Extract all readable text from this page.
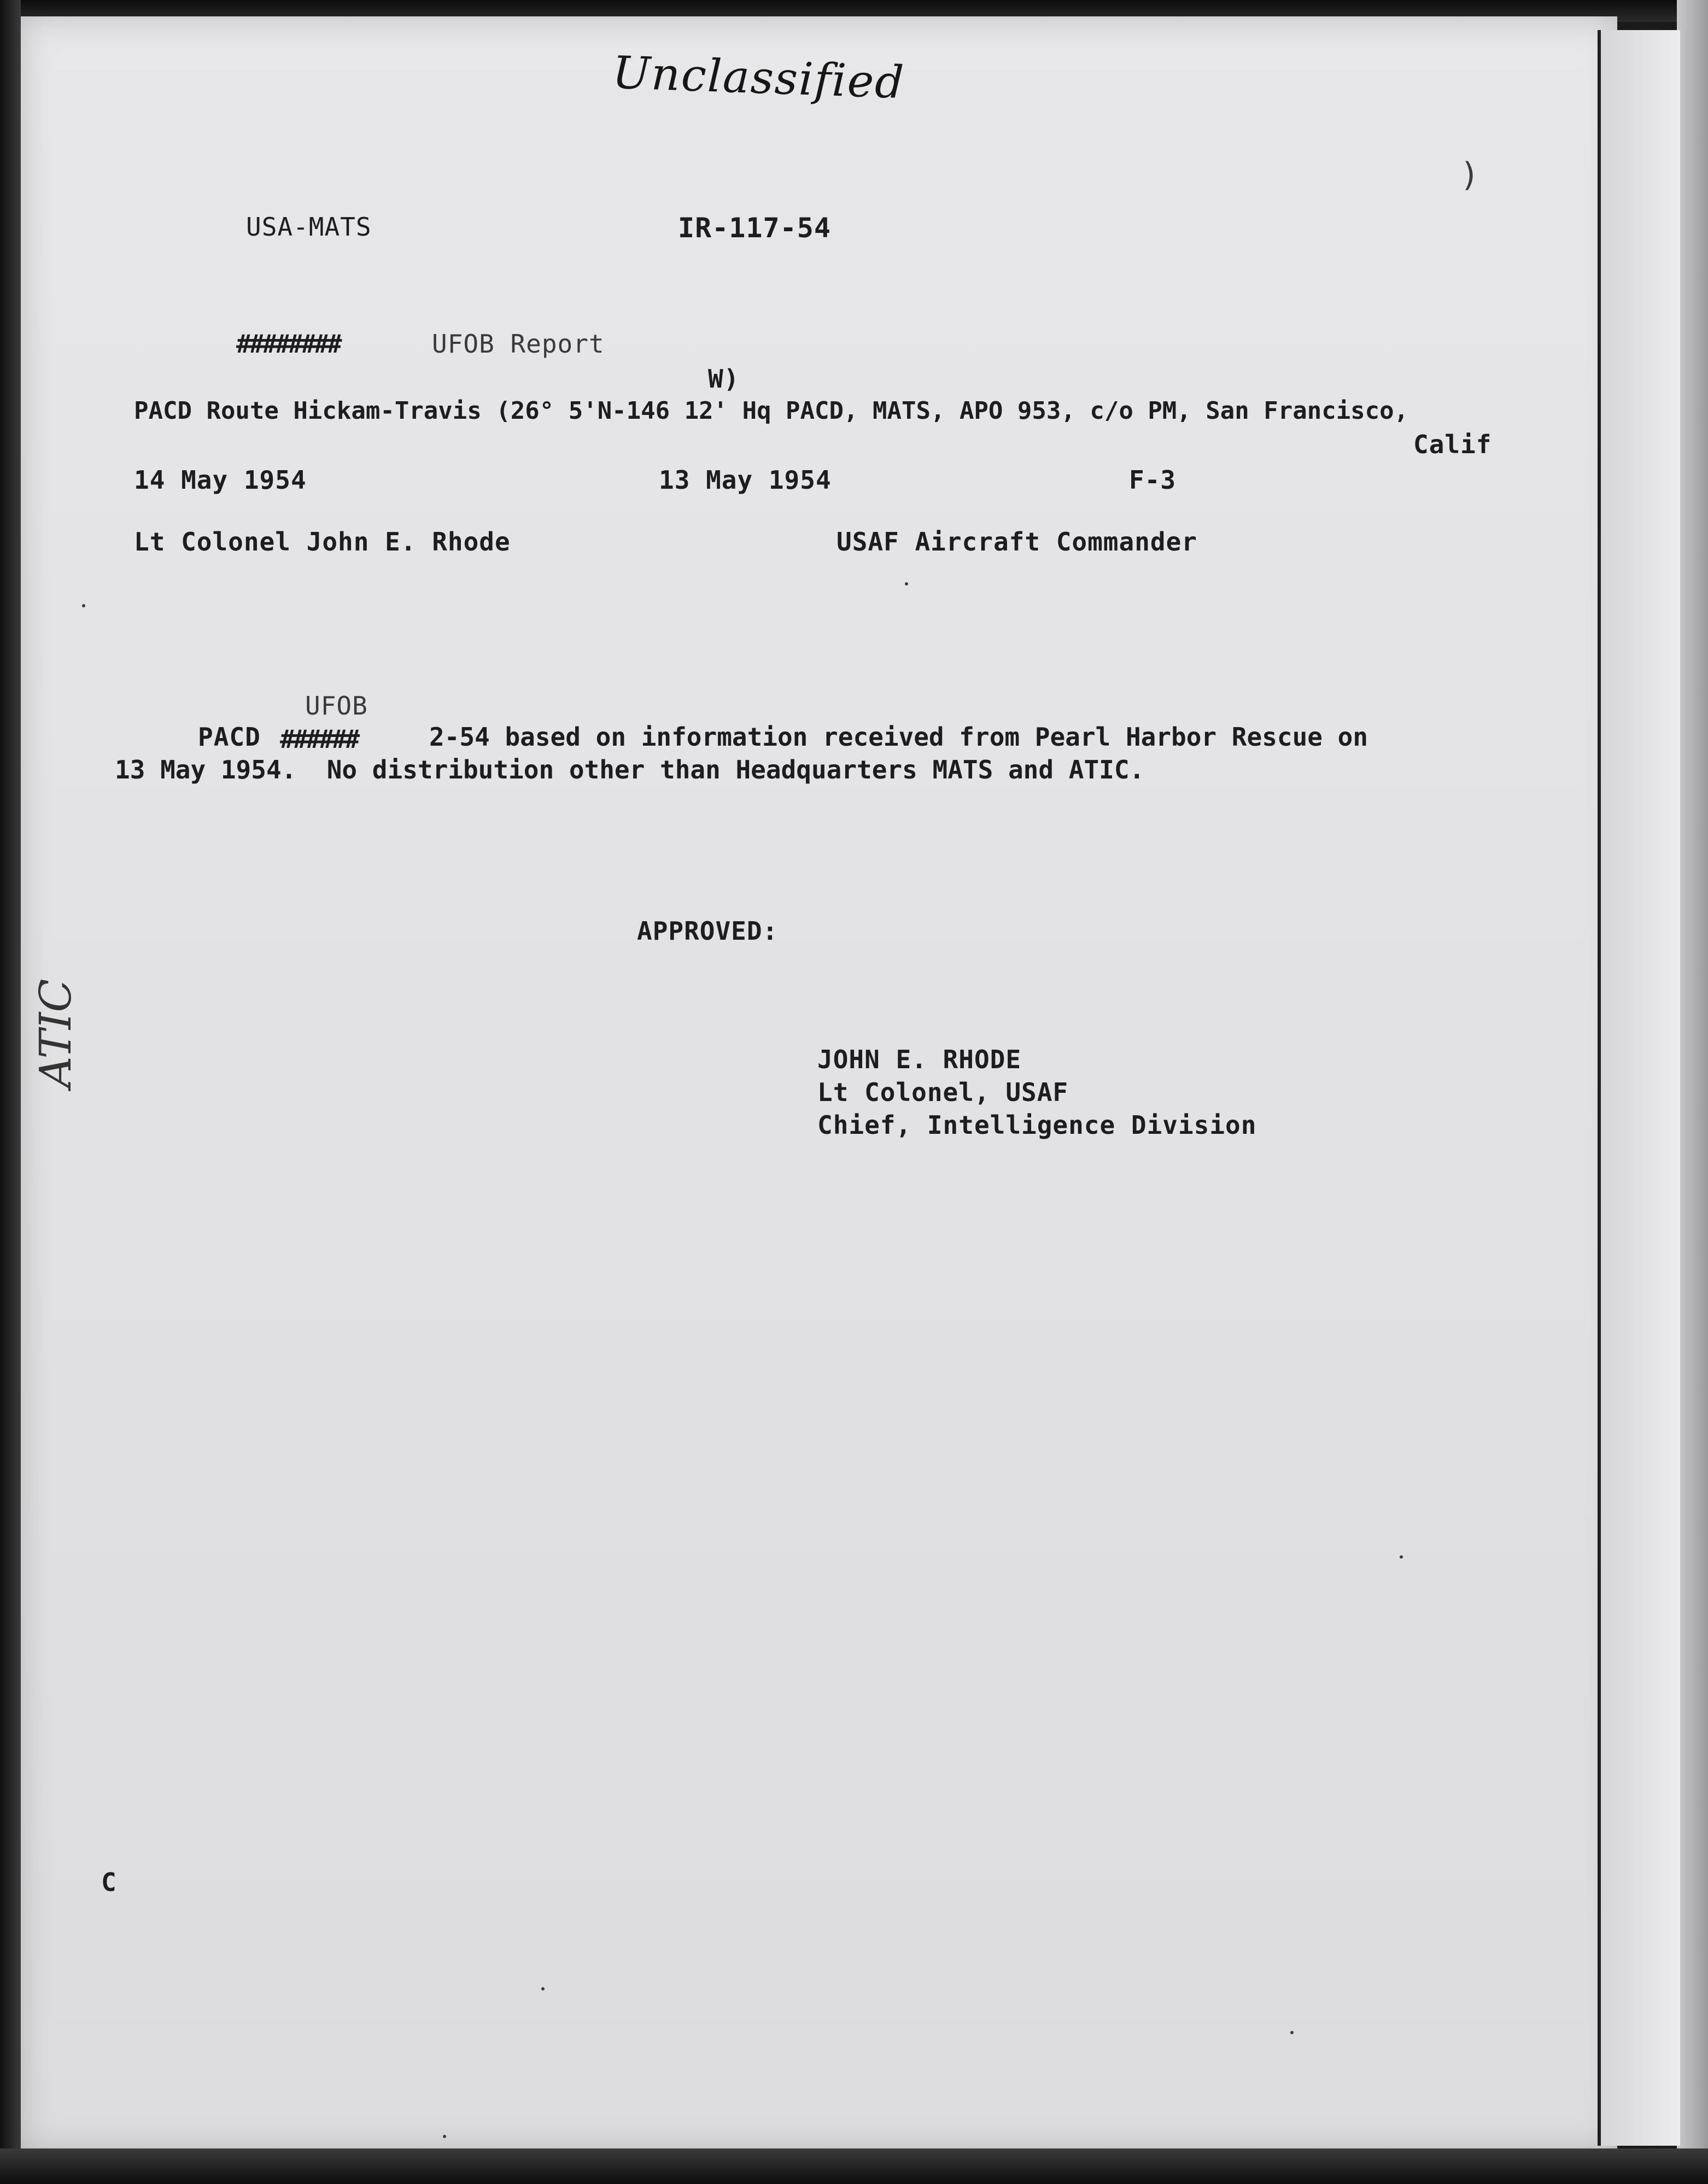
Unclassified
)
USA-MATS	IR-117-54
########	UFOB Report
W)
PACD Route Hickam-Travis (26° 5'N-146 12' Hq PACD, MATS, APO 953, c/o PM, San Francisco,
Calif
14 May 1954	13 May 1954	F-3
Lt Colonel John E. Rhode	USAF Aircraft Commander
UFOB
PACD ######	2-54 based on information received from Pearl Harbor Rescue on
13 May 1954.  No distribution other than Headquarters MATS and ATIC.
APPROVED:
JOHN E. RHODE
Lt Colonel, USAF
Chief, Intelligence Division
ATIC
C
